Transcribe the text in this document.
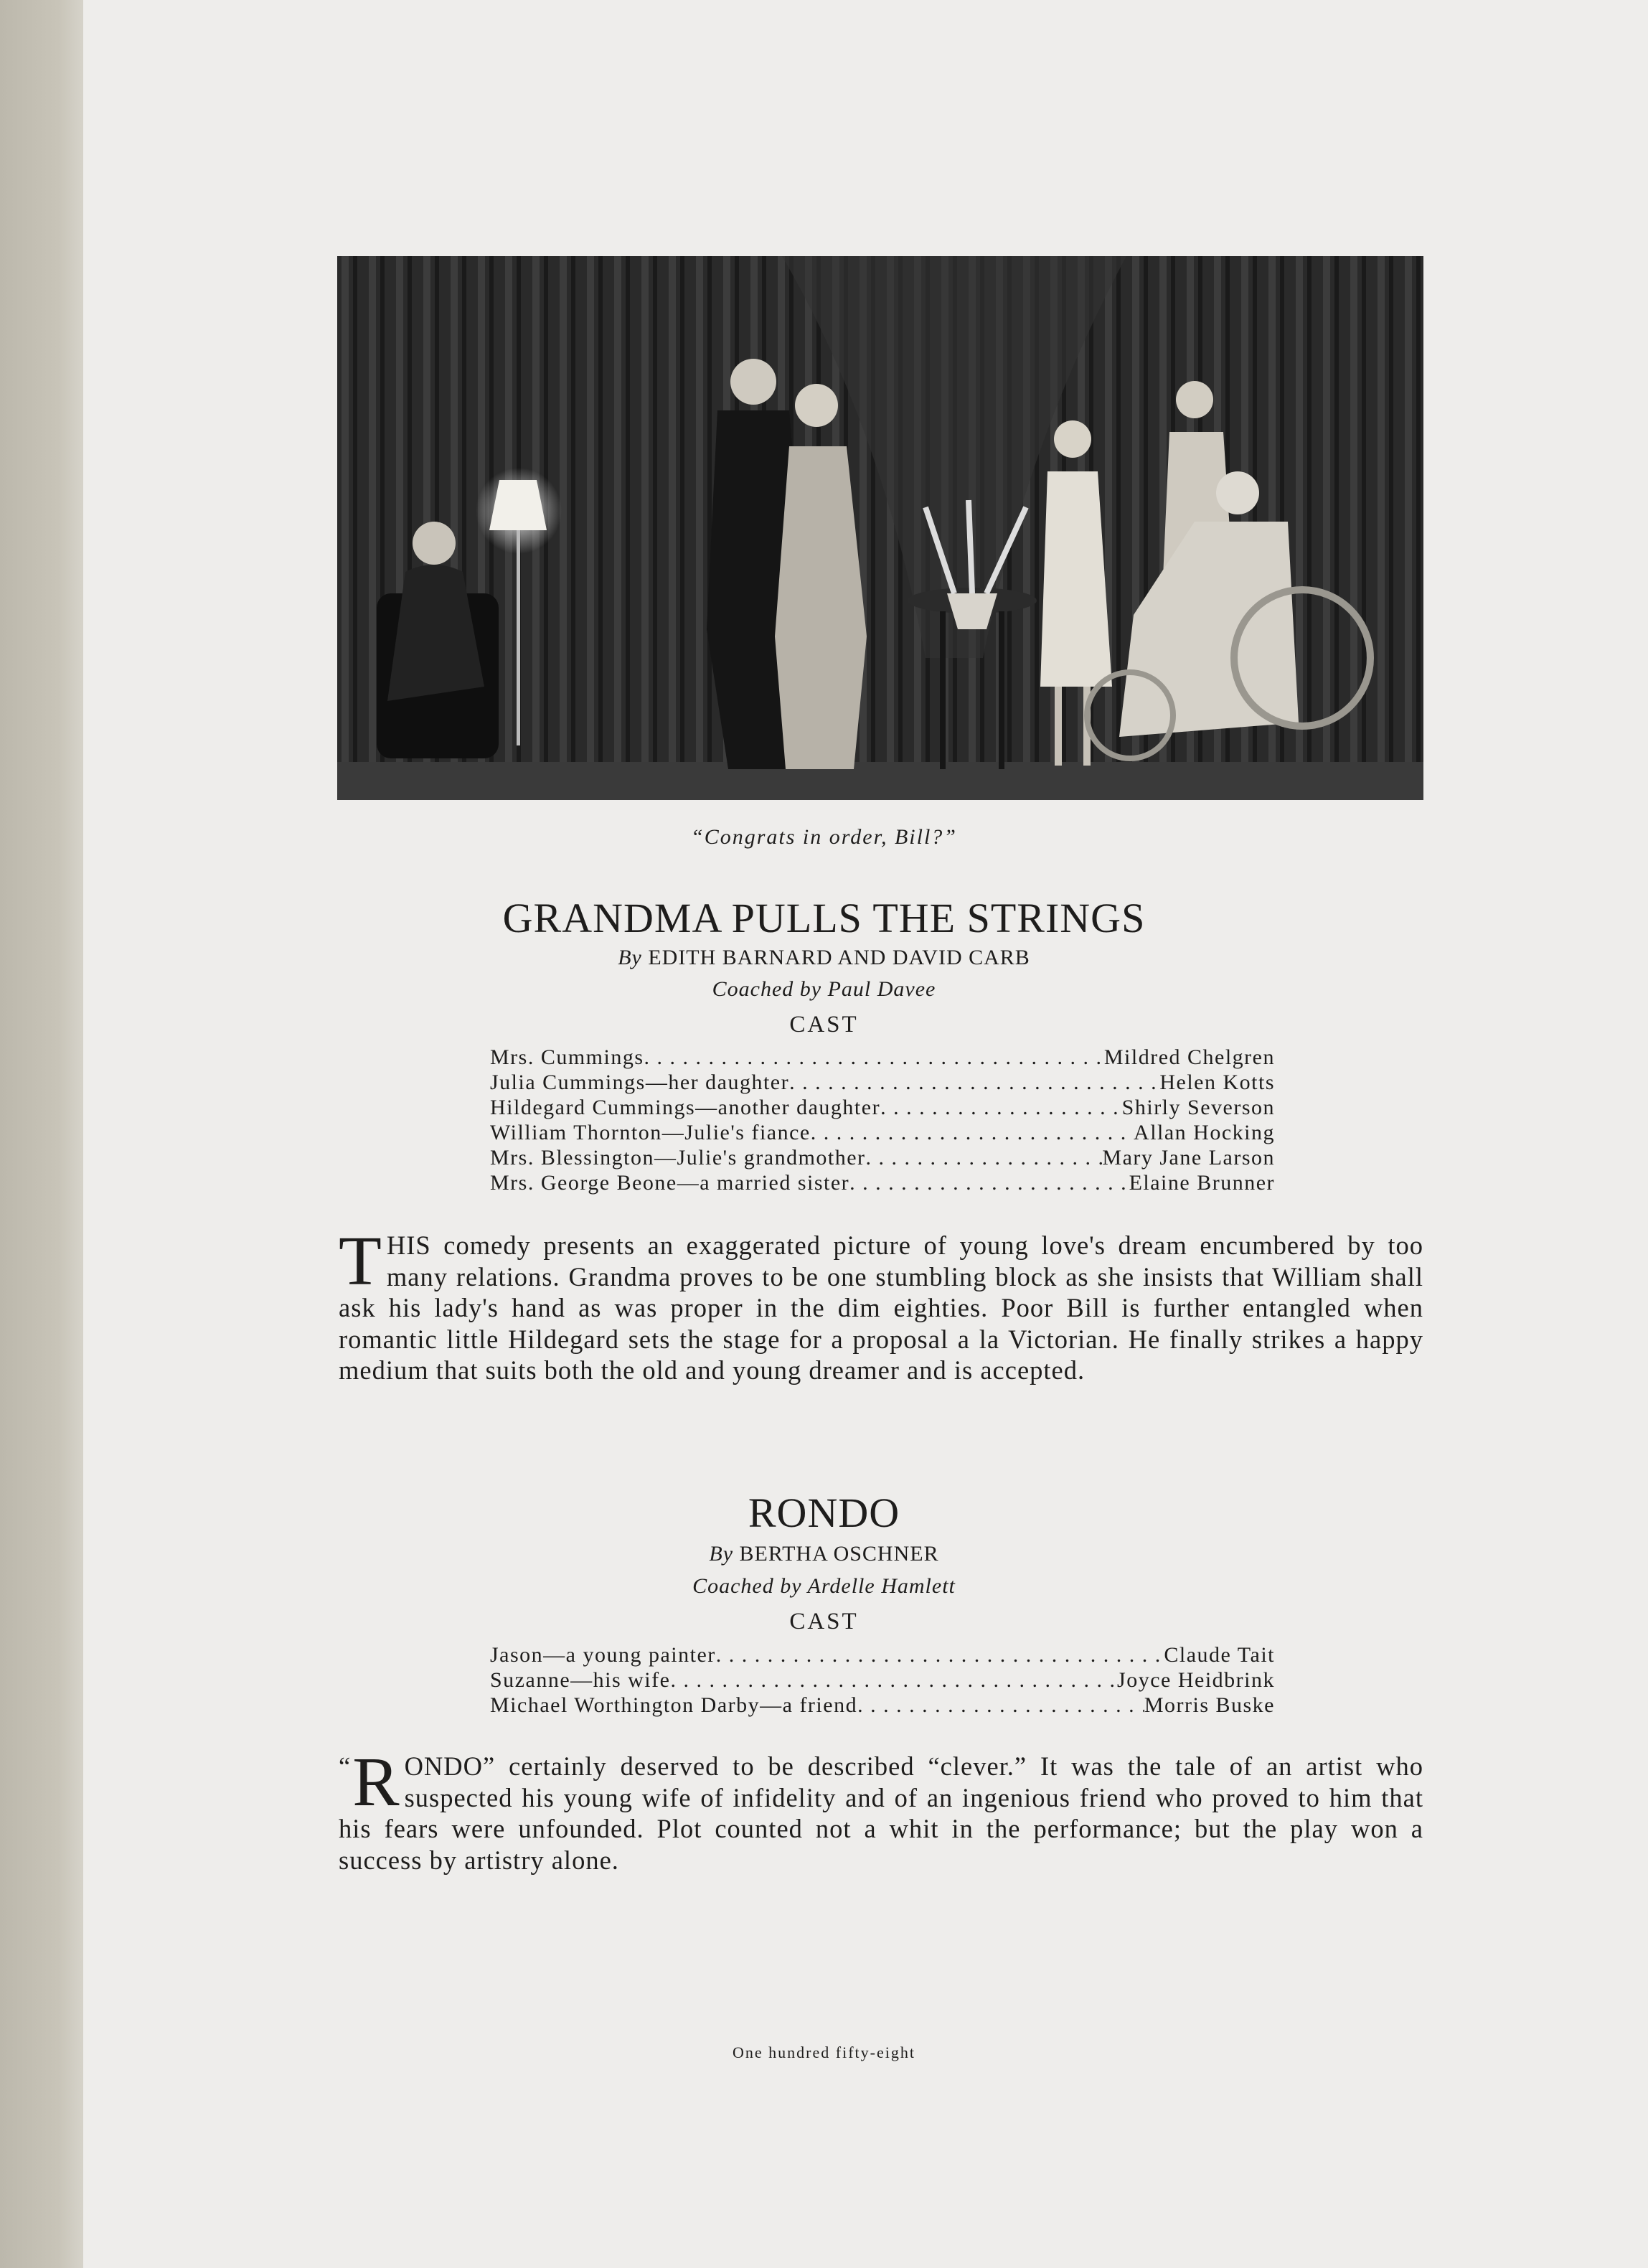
“Congrats in order, Bill?”
GRANDMA PULLS THE STRINGS
By EDITH BARNARD AND DAVID CARB
Coached by Paul Davee
CAST
Mrs. Cummings . . .	Mildred Chelgren
Julia Cummings—her daughter . . .	Helen Kotts
Hildegard Cummings—another daughter . . .	Shirly Severson
William Thornton—Julie's fiance . . .	Allan Hocking
Mrs. Blessington—Julie's grandmother . . .	Mary Jane Larson
Mrs. George Beone—a married sister . . .	Elaine Brunner
THIS comedy presents an exaggerated picture of young love's dream encumbered by too many relations. Grandma proves to be one stumbling block as she insists that William shall ask his lady's hand as was proper in the dim eighties. Poor Bill is further entangled when romantic little Hildegard sets the stage for a proposal a la Victorian. He finally strikes a happy medium that suits both the old and young dreamer and is accepted.
RONDO
By BERTHA OSCHNER
Coached by Ardelle Hamlett
CAST
Jason—a young painter . . .	Claude Tait
Suzanne—his wife . . .	Joyce Heidbrink
Michael Worthington Darby—a friend . . .	Morris Buske
“ R ONDO” certainly deserved to be described “clever.” It was the tale of an artist who suspected his young wife of infidelity and of an ingenious friend who proved to him that his fears were unfounded. Plot counted not a whit in the performance; but the play won a success by artistry alone.
One hundred fifty-eight
